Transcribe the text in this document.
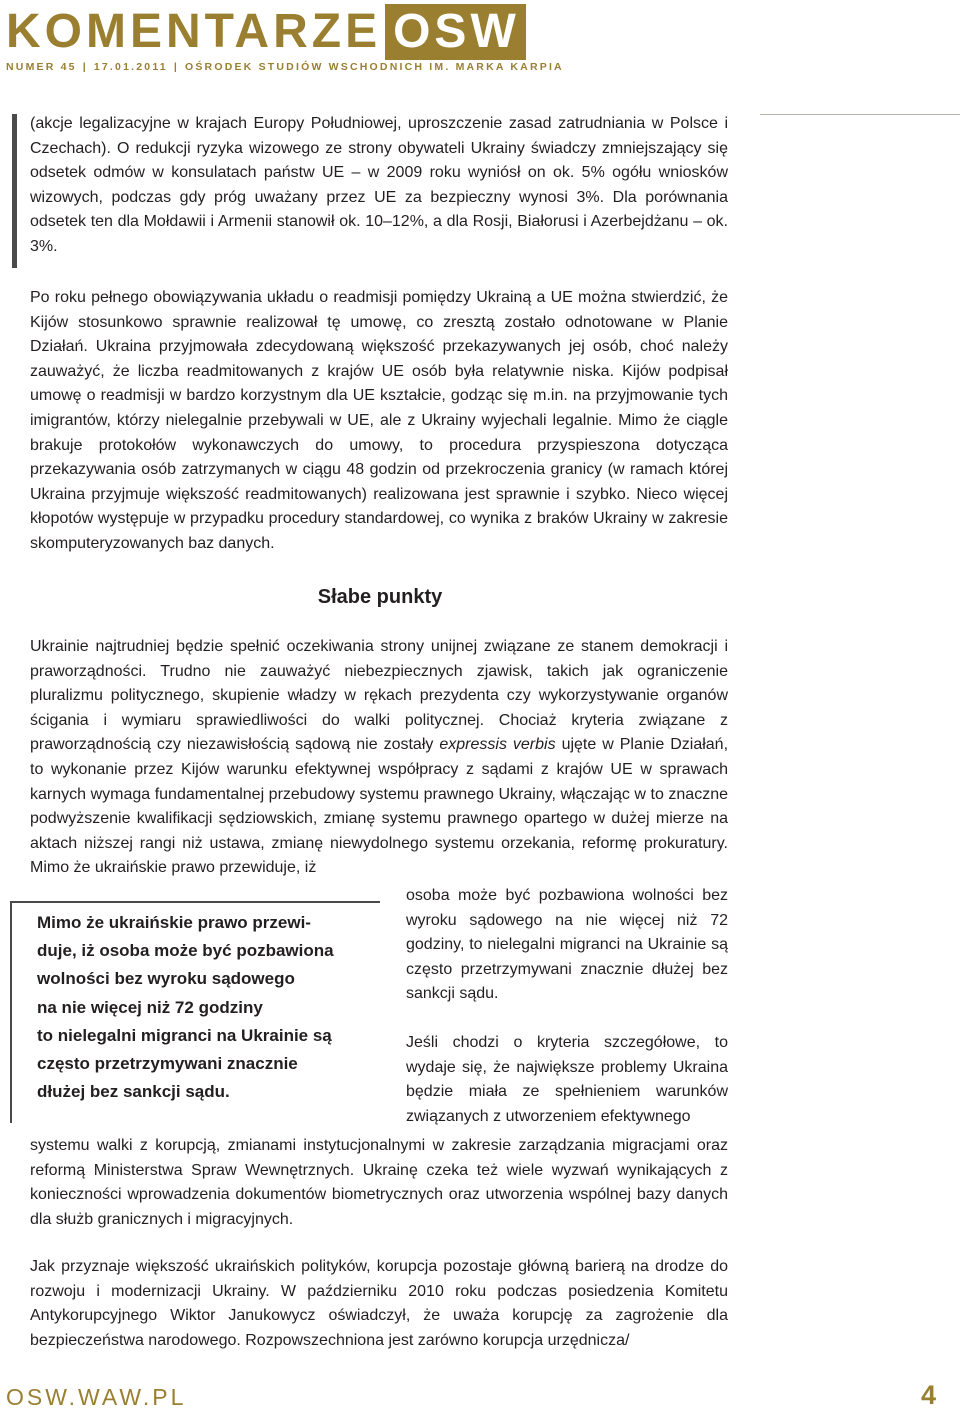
KOMENTARZE OSW
NUMER 45 | 17.01.2011 | OŚRODEK STUDIÓW WSCHODNICH IM. MARKA KARPIA

(akcje legalizacyjne w krajach Europy Południowej, uproszczenie zasad zatrudniania w Polsce i Czechach). O redukcji ryzyka wizowego ze strony obywateli Ukrainy świadczy zmniejszający się odsetek odmów w konsulatach państw UE – w 2009 roku wyniósł on ok. 5% ogółu wniosków wizowych, podczas gdy próg uważany przez UE za bezpieczny wynosi 3%. Dla porównania odsetek ten dla Mołdawii i Armenii stanowił ok. 10–12%, a dla Rosji, Białorusi i Azerbejdżanu – ok. 3%.

Po roku pełnego obowiązywania układu o readmisji pomiędzy Ukrainą a UE można stwierdzić, że Kijów stosunkowo sprawnie realizował tę umowę, co zresztą zostało odnotowane w Planie Działań. Ukraina przyjmowała zdecydowaną większość przekazywanych jej osób, choć należy zauważyć, że liczba readmitowanych z krajów UE osób była relatywnie niska. Kijów podpisał umowę o readmisji w bardzo korzystnym dla UE kształcie, godząc się m.in. na przyjmowanie tych imigrantów, którzy nielegalnie przebywali w UE, ale z Ukrainy wyjechali legalnie. Mimo że ciągle brakuje protokołów wykonawczych do umowy, to procedura przyspieszona dotycząca przekazywania osób zatrzymanych w ciągu 48 godzin od przekroczenia granicy (w ramach której Ukraina przyjmuje większość readmitowanych) realizowana jest sprawnie i szybko. Nieco więcej kłopotów występuje w przypadku procedury standardowej, co wynika z braków Ukrainy w zakresie skomputeryzowanych baz danych.

Słabe punkty

Ukrainie najtrudniej będzie spełnić oczekiwania strony unijnej związane ze stanem demokracji i praworządności. Trudno nie zauważyć niebezpiecznych zjawisk, takich jak ograniczenie pluralizmu politycznego, skupienie władzy w rękach prezydenta czy wykorzystywanie organów ścigania i wymiaru sprawiedliwości do walki politycznej. Chociaż kryteria związane z praworządnością czy niezawisłością sądową nie zostały expressis verbis ujęte w Planie Działań, to wykonanie przez Kijów warunku efektywnej współpracy z sądami z krajów UE w sprawach karnych wymaga fundamentalnej przebudowy systemu prawnego Ukrainy, włączając w to znaczne podwyższenie kwalifikacji sędziowskich, zmianę systemu prawnego opartego w dużej mierze na aktach niższej rangi niż ustawa, zmianę niewydolnego systemu orzekania, reformę prokuratury. Mimo że ukraińskie prawo przewiduje, iż

Mimo że ukraińskie prawo przewi-
duje, iż osoba może być pozbawiona
wolności bez wyroku sądowego
na nie więcej niż 72 godziny
to nielegalni migranci na Ukrainie są
często przetrzymywani znacznie
dłużej bez sankcji sądu.

osoba może być pozbawiona wolności bez wyroku sądowego na nie więcej niż 72 godziny, to nielegalni migranci na Ukrainie są często przetrzymywani znacznie dłużej bez sankcji sądu.

Jeśli chodzi o kryteria szczegółowe, to wydaje się, że największe problemy Ukraina będzie miała ze spełnieniem warunków związanych z utworzeniem efektywnego

systemu walki z korupcją, zmianami instytucjonalnymi w zakresie zarządzania migracjami oraz reformą Ministerstwa Spraw Wewnętrznych. Ukrainę czeka też wiele wyzwań wynikających z konieczności wprowadzenia dokumentów biometrycznych oraz utworzenia wspólnej bazy danych dla służb granicznych i migracyjnych.

Jak przyznaje większość ukraińskich polityków, korupcja pozostaje główną barierą na drodze do rozwoju i modernizacji Ukrainy. W październiku 2010 roku podczas posiedzenia Komitetu Antykorupcyjnego Wiktor Janukowycz oświadczył, że uważa korupcję za zagrożenie dla bezpieczeństwa narodowego. Rozpowszechniona jest zarówno korupcja urzędnicza/

OSW.WAW.PL	4
